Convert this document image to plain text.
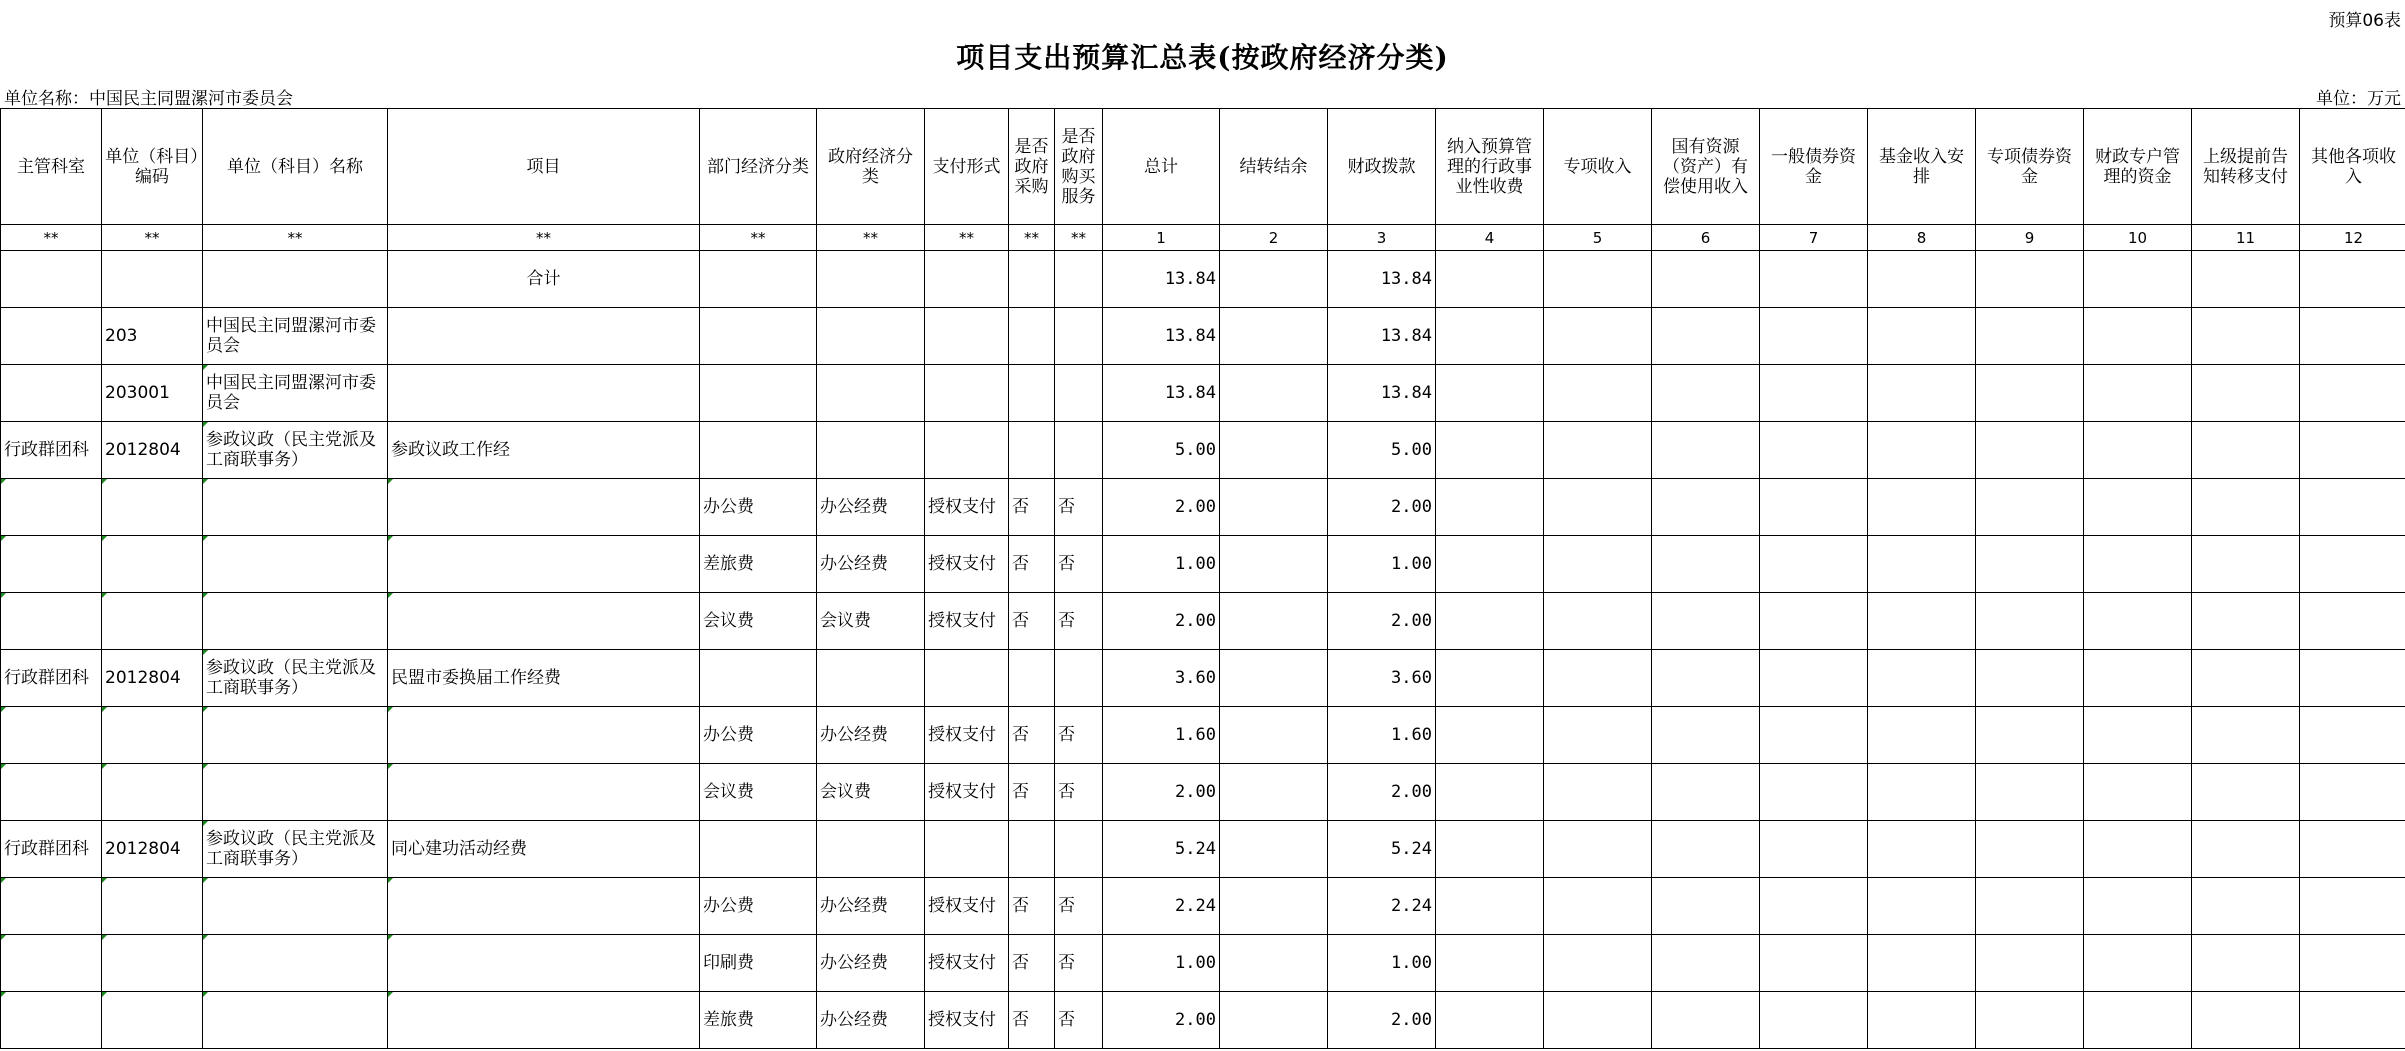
预算06表
项目支出预算汇总表(按政府经济分类)
单位名称：中国民主同盟漯河市委员会	单位：万元
主管科室	单位（科目）编码	单位（科目）名称	项目	部门经济分类	政府经济分类	支付形式	是否政府采购	是否政府购买服务	总计	结转结余	财政拨款	纳入预算管理的行政事业性收费	专项收入	国有资源（资产）有偿使用收入	一般债券资金	基金收入安排	专项债券资金	财政专户管理的资金	上级提前告知转移支付	其他各项收入
**	**	**	**	**	**	**	**	**	1	2	3	4	5	6	7	8	9	10	11	12
			合计						13.84		13.84									
	203	中国民主同盟漯河市委员会							13.84		13.84									
	203001	中国民主同盟漯河市委员会							13.84		13.84									
行政群团科	2012804	参政议政（民主党派及工商联事务）	参政议政工作经						5.00		5.00									
				办公费	办公经费	授权支付	否	否	2.00		2.00									
				差旅费	办公经费	授权支付	否	否	1.00		1.00									
				会议费	会议费	授权支付	否	否	2.00		2.00									
行政群团科	2012804	参政议政（民主党派及工商联事务）	民盟市委换届工作经费						3.60		3.60									
				办公费	办公经费	授权支付	否	否	1.60		1.60									
				会议费	会议费	授权支付	否	否	2.00		2.00									
行政群团科	2012804	参政议政（民主党派及工商联事务）	同心建功活动经费						5.24		5.24									
				办公费	办公经费	授权支付	否	否	2.24		2.24									
				印刷费	办公经费	授权支付	否	否	1.00		1.00									
				差旅费	办公经费	授权支付	否	否	2.00		2.00									
